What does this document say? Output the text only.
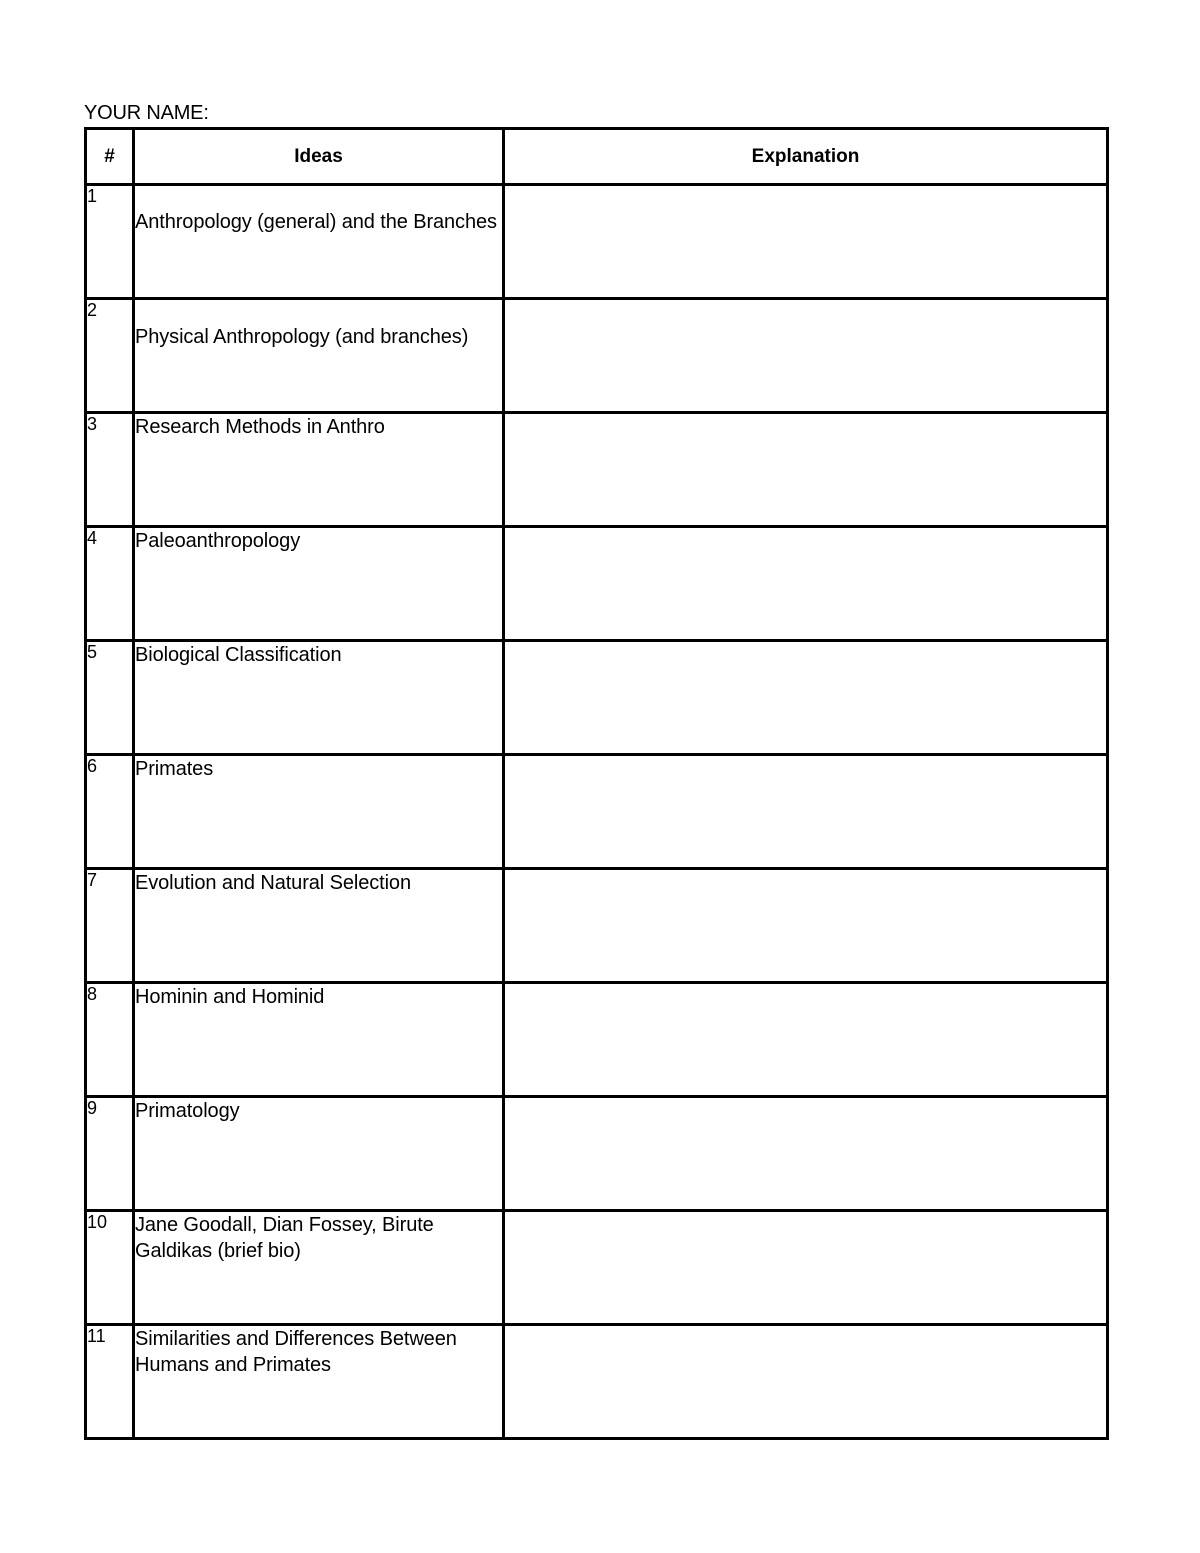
YOUR NAME:
#	Ideas	Explanation
1	Anthropology (general) and the Branches	
2	Physical Anthropology (and branches)	
3	Research Methods in Anthro	
4	Paleoanthropology	
5	Biological Classification	
6	Primates	
7	Evolution and Natural Selection	
8	Hominin and Hominid	
9	Primatology	
10	Jane Goodall, Dian Fossey, Birute Galdikas (brief bio)	
11	Similarities and Differences Between Humans and Primates	
